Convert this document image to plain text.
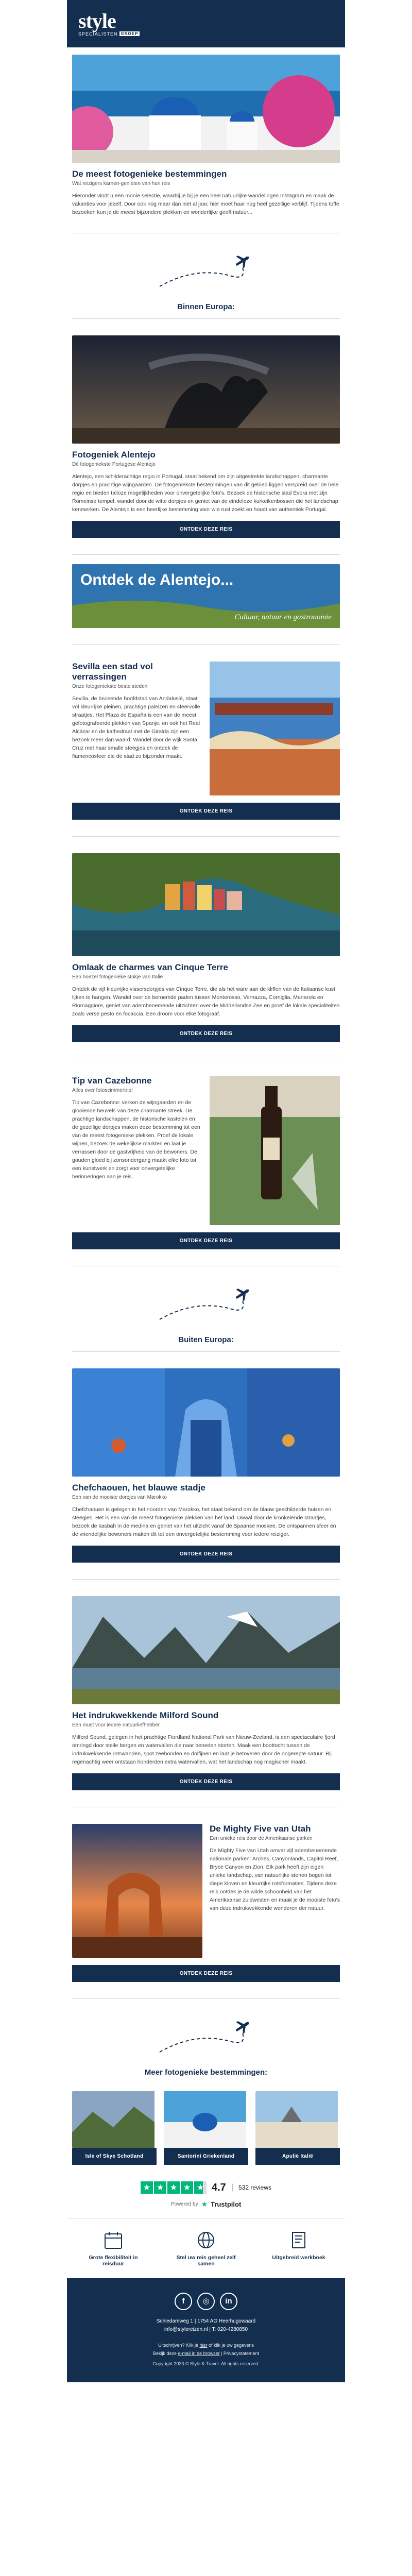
style
SPECIALISTEN GROEP
De meest fotogenieke bestemmingen
Wat reizigers karnen-genieten van hun reis
Hieronder vindt u een mooie selectie, waarbij je bij je een heel natuurlijke wandelingen Instagram en maak de vakanties voor jezelf. Door ook nog maar dan niet al jaar, hier moet haar nog heel gezellige verblijf. Tijdens toffe bezoeken kun je de meest bijzondere plekken en wonderlijke geeft natuur...
Binnen Europa:
Fotogeniek Alentejo
Dé fotogeniekste Portugese Alentejo
Alentejo, een schilderachtige regio in Portugal, staat bekend om zijn uitgestrekte landschappen, charmante dorpjes en prachtige wijngaarden. De fotogeniekste bestemmingen van dit gebied liggen verspreid over de hele regio en bieden talloze mogelijkheden voor onvergetelijke foto's. Bezoek de historische stad Évora met zijn Romeinse tempel, wandel door de witte dorpjes en geniet van de eindeloze kurkeikenbossen die het landschap kenmerken. De Alentejo is een heerlijke bestemming voor wie rust zoekt en houdt van authentiek Portugal.
ONTDEK DEZE REIS
Ontdek de Alentejo...
Cultuur, natuur en gastronomie
Sevilla een stad vol verrassingen
Onze fotogeniekste beste steden
Sevilla, de bruisende hoofdstad van Andalusië, staat vol kleurrijke pleinen, prachtige paleizen en sfeervolle straatjes. Het Plaza de España is een van de meest gefotografeerde plekken van Spanje, en ook het Real Alcázar en de kathedraal met de Giralda zijn een bezoek meer dan waard. Wandel door de wijk Santa Cruz met haar smalle steegjes en ontdek de flamencosfeer die de stad zo bijzonder maakt.
ONTDEK DEZE REIS
Omlaak de charmes van Cinque Terre
Een hoezel fotogenieke stukje van Italië
Ontdek de vijf kleurrijke vissersdorpjes van Cinque Terre, die als het ware aan de kliffen van de Italiaanse kust lijken te hangen. Wandel over de beroemde paden tussen Monterosso, Vernazza, Corniglia, Manarola en Riomaggiore, geniet van adembenemende uitzichten over de Middellandse Zee en proef de lokale specialiteiten zoals verse pesto en focaccia. Een droom voor elke fotograaf.
ONTDEK DEZE REIS
Tip van Cazebonne
Alles over fotoscimmertrip!
Tip van Cazebonne: verken de wijngaarden en de glooiende heuvels van deze charmante streek. De prachtige landschappen, de historische kastelen en de gezellige dorpjes maken deze bestemming tot een van de meest fotogenieke plekken. Proef de lokale wijnen, bezoek de wekelijkse markten en laat je verrassen door de gastvrijheid van de bewoners. De gouden gloed bij zonsondergang maakt elke foto tot een kunstwerk en zorgt voor onvergetelijke herinneringen aan je reis.
ONTDEK DEZE REIS
Buiten Europa:
Chefchaouen, het blauwe stadje
Een van de mooiste dorpjes van Marokko
Chefchaouen is gelegen in het noorden van Marokko, het staat bekend om de blauw geschilderde huizen en steegjes. Het is een van de meest fotogenieke plekken van het land. Dwaal door de kronkelende straatjes, bezoek de kasbah in de medina en geniet van het uitzicht vanaf de Spaanse moskee. De ontspannen sfeer en de vriendelijke bewoners maken dit tot een onvergetelijke bestemming voor iedere reiziger.
ONTDEK DEZE REIS
Het indrukwekkende Milford Sound
Een must voor iedere natuurliefhebber
Milford Sound, gelegen in het prachtige Fiordland National Park van Nieuw-Zeeland, is een spectaculaire fjord omringd door steile bergen en watervallen die naar beneden storten. Maak een boottocht tussen de indrukwekkende rotswanden, spot zeehonden en dolfijnen en laat je betoveren door de ongerepte natuur. Bij regenachtig weer ontstaan honderden extra watervallen, wat het landschap nog magischer maakt.
ONTDEK DEZE REIS
De Mighty Five van Utah
Een unieke reis door de Amerikaanse parken
De Mighty Five van Utah omvat vijf adembenemende nationale parken: Arches, Canyonlands, Capitol Reef, Bryce Canyon en Zion. Elk park heeft zijn eigen unieke landschap, van natuurlijke stenen bogen tot diepe kloven en kleurrijke rotsformaties. Tijdens deze reis ontdek je de wilde schoonheid van het Amerikaanse zuidwesten en maak je de mooiste foto's van deze indrukwekkende wonderen der natuur.
ONTDEK DEZE REIS
Meer fotogenieke bestemmingen:
Isle of Skye Schotland	Santorini Griekenland	Apulië Italië
★ ★ ★ ★ ★ 4.7 | 532 reviews
Powered by ★ Trustpilot
Grote flexibiliteit in reisduur
Stel uw reis geheel zelf samen
Uitgebreid werkboek
f	◎	in
Schiedamweg 1 | 1754 AG Heerhugowaard
info@stylereizen.nl | T: 020-4280850
Uitschrijven? Klik je hier of klik je uw gegevens
Bekijk deze e-mail in de browser | Privacystatement
Copyright 2023 © Style & Travel. All rights reserved.
